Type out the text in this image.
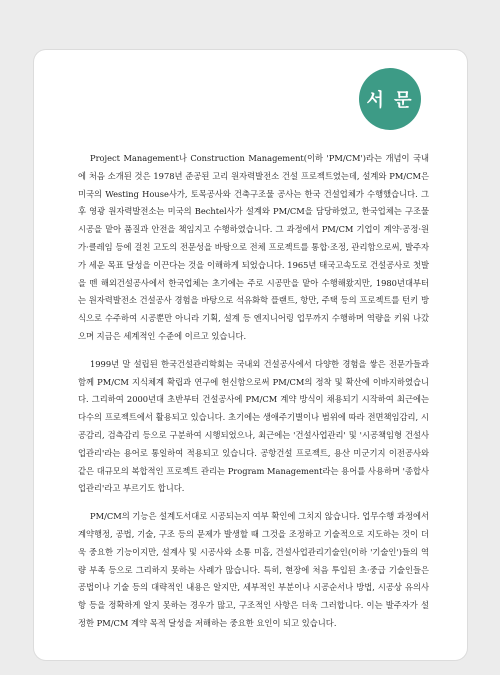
서 문

Project Management나 Construction Management(이하 'PM/CM')라는 개념이 국내에 처음 소개된 것은 1978년 준공된 고리 원자력발전소 건설 프로젝트였는데, 설계와 PM/CM은 미국의 Westing House사가, 토목공사와 건축구조물 공사는 한국 건설업체가 수행했습니다. 그 후 영광 원자력발전소는 미국의 Bechtel사가 설계와 PM/CM을 담당하였고, 한국업체는 구조물 시공을 맡아 품질과 안전을 책임지고 수행하였습니다. 그 과정에서 PM/CM 기업이 계약·공정·원가·클레임 등에 걸친 고도의 전문성을 바탕으로 전체 프로젝트를 통합·조정, 관리함으로써, 발주자가 세운 목표 달성을 이끈다는 것을 이해하게 되었습니다. 1965년 태국고속도로 건설공사로 첫발을 뗀 해외건설공사에서 한국업체는 초기에는 주로 시공만을 맡아 수행해왔지만, 1980년대부터는 원자력발전소 건설공사 경험을 바탕으로 석유화학 플랜트, 항만, 주택 등의 프로젝트를 턴키 방식으로 수주하여 시공뿐만 아니라 기획, 설계 등 엔지니어링 업무까지 수행하며 역량을 키워 나갔으며 지금은 세계적인 수준에 이르고 있습니다.

1999년 말 설립된 한국건설관리학회는 국내외 건설공사에서 다양한 경험을 쌓은 전문가들과 함께 PM/CM 지식체계 확립과 연구에 헌신함으로써 PM/CM의 정착 및 확산에 이바지하였습니다. 그리하여 2000년대 초반부터 건설공사에 PM/CM 계약 방식이 채용되기 시작하여 최근에는 다수의 프로젝트에서 활용되고 있습니다. 초기에는 생애주기별이나 범위에 따라 전면책임감리, 시공감리, 검측감리 등으로 구분하여 시행되었으나, 최근에는 '건설사업관리' 및 '시공책임형 건설사업관리'라는 용어로 통일하여 적용되고 있습니다. 공항건설 프로젝트, 용산 미군기지 이전공사와 같은 대규모의 복합적인 프로젝트 관리는 Program Management라는 용어를 사용하며 '종합사업관리'라고 부르기도 합니다.

PM/CM의 기능은 설계도서대로 시공되는지 여부 확인에 그치지 않습니다. 업무수행 과정에서 계약행정, 공법, 기술, 구조 등의 문제가 발생할 때 그것을 조정하고 기술적으로 지도하는 것이 더욱 중요한 기능이지만, 설계사 및 시공사와 소통 미흡, 건설사업관리기술인(이하 '기술인')들의 역량 부족 등으로 그리하지 못하는 사례가 많습니다. 특히, 현장에 처음 투입된 초·중급 기술인들은 공법이나 기술 등의 대략적인 내용은 알지만, 세부적인 부분이나 시공순서나 방법, 시공상 유의사항 등을 정확하게 알지 못하는 경우가 많고, 구조적인 사항은 더욱 그러합니다. 이는 발주자가 설정한 PM/CM 계약 목적 달성을 저해하는 중요한 요인이 되고 있습니다.
